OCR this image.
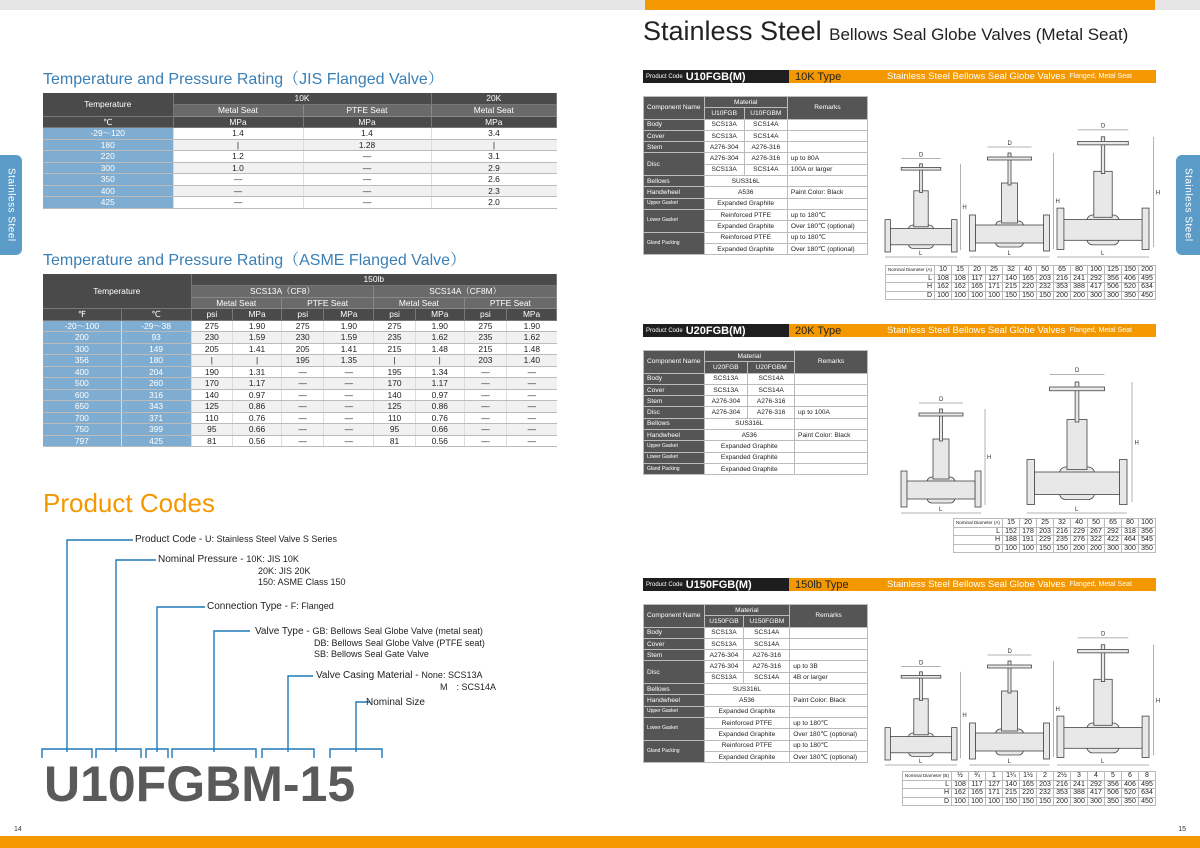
14	15
Stainless Steel	Stainless Steel
Stainless Steel Bellows Seal Globe Valves (Metal Seat)
Temperature and Pressure Rating（JIS Flanged Valve）
Temperature	10K		20K
	Metal Seat	PTFE Seat	Metal Seat
℃	MPa	MPa	MPa
-29～120	1.4	1.4	3.4
180	|	1.28	|
220	1.2	—	3.1
300	1.0	—	2.9
350	—	—	2.6
400	—	—	2.3
425	—	—	2.0
Temperature and Pressure Rating（ASME Flanged Valve）
Temperature		150lb							
		SCS13A（CF8）				SCS14A（CF8M）			
		Metal Seat		PTFE Seat		Metal Seat		PTFE Seat	
℉	℃	psi	MPa	psi	MPa	psi	MPa	psi	MPa
-20～100	-29～38	275	1.90	275	1.90	275	1.90	275	1.90
200	93	230	1.59	230	1.59	235	1.62	235	1.62
300	149	205	1.41	205	1.41	215	1.48	215	1.48
356	180	|	|	195	1.35	|	|	203	1.40
400	204	190	1.31	—	—	195	1.34	—	—
500	260	170	1.17	—	—	170	1.17	—	—
600	316	140	0.97	—	—	140	0.97	—	—
650	343	125	0.86	—	—	125	0.86	—	—
700	371	110	0.76	—	—	110	0.76	—	—
750	399	95	0.66	—	—	95	0.66	—	—
797	425	81	0.56	—	—	81	0.56	—	—
Product Codes
Product Code - U: Stainless Steel Valve S Series
Nominal Pressure - 10K: JIS 10K
20K: JIS 20K
150: ASME Class 150
Connection Type - F: Flanged
Valve Type - GB: Bellows Seal Globe Valve (metal seat)
DB: Bellows Seal Globe Valve (PTFE seat)
SB: Bellows Seal Gate Valve
Valve Casing Material - None: SCS13A
M　: SCS14A
Nominal Size
U10FGBM-15
Product Code U10FGB(M)	10K Type	Stainless Steel Bellows Seal Globe Valves Flanged, Metal Seat
Component Name	Material		Remarks
	U10FGB	U10FGBM	
Body	SCS13A	SCS14A	
Cover	SCS13A	SCS14A	
Stem	A276-304	A276-316	
Disc	A276-304	A276-316	up to 80A
	SCS13A	SCS14A	100A or larger
Bellows	SUS316L		
Handwheel	A536		Paint Color: Black
Upper Gasket	Expanded Graphite		
Lower Gasket	Reinforced PTFE		up to 180℃
	Expanded Graphite		Over 180℃ (optional)
Gland Packing	Reinforced PTFE		up to 180℃
	Expanded Graphite		Over 180℃ (optional)
L
D
H
L
D
H
L
D
H
Nominal Diameter (A)	10	15	20	25	32	40	50	65	80	100	125	150	200
L	108	108	117	127	140	165	203	216	241	292	356	406	495
H	162	162	165	171	215	220	232	353	388	417	506	520	634
D	100	100	100	100	150	150	150	200	200	300	300	350	450
Product Code U20FGB(M)	20K Type	Stainless Steel Bellows Seal Globe Valves Flanged, Metal Seat
Component Name	Material		Remarks
	U20FGB	U20FGBM	
Body	SCS13A	SCS14A	
Cover	SCS13A	SCS14A	
Stem	A276-304	A276-316	
Disc	A276-304	A276-316	up to 100A
Bellows	SUS316L		
Handwheel	A536		Paint Color: Black
Upper Gasket	Expanded Graphite		
Lower Gasket	Expanded Graphite		
Gland Packing	Expanded Graphite		
L
D
H
L
D
H
Nominal Diameter (A)	15	20	25	32	40	50	65	80	100
L	152	178	203	216	229	267	292	318	356
H	188	191	229	235	276	322	422	464	545
D	100	100	150	150	200	200	300	300	350
Product Code U150FGB(M)	150lb Type	Stainless Steel Bellows Seal Globe Valves Flanged, Metal Seat
Component Name	Material		Remarks
	U150FGB	U150FGBM	
Body	SCS13A	SCS14A	
Cover	SCS13A	SCS14A	
Stem	A276-304	A276-316	
Disc	A276-304	A276-316	up to 3B
	SCS13A	SCS14A	4B or larger
Bellows	SUS316L		
Handwheel	A536		Paint Color: Black
Upper Gasket	Expanded Graphite		
Lower Gasket	Reinforced PTFE		up to 180℃
	Expanded Graphite		Over 180℃ (optional)
Gland Packing	Reinforced PTFE		up to 180℃
	Expanded Graphite		Over 180℃ (optional)
L
D
H
L
D
H
L
D
H
Nominal Diameter (B)	½	¾	1	1¼	1½	2	2½	3	4	5	6	8
L	108	117	127	140	165	203	216	241	292	356	406	495
H	162	165	171	215	220	232	353	388	417	506	520	634
D	100	100	100	150	150	150	200	300	300	350	350	450
